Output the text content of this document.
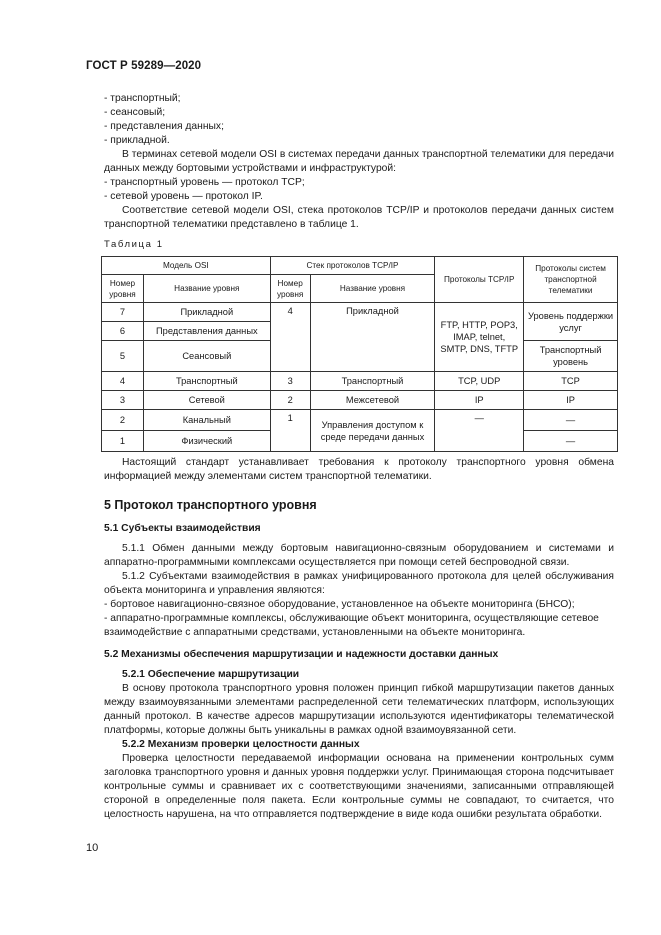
ГОСТ Р 59289—2020

- транспортный;

- сеансовый;

- представления данных;

- прикладной.

В терминах сетевой модели OSI в системах передачи данных транспортной телематики для передачи данных между бортовыми устройствами и инфраструктурой:

- транспортный уровень — протокол TCP;

- сетевой уровень — протокол IP.

Соответствие сетевой модели OSI, стека протоколов TCP/IP и протоколов передачи данных систем транспортной телематики представлено в таблице 1.

Таблица 1
Модель OSI		Стек протоколов TCP/IP		Протоколы TCP/IP	Протоколы систем транспортной телематики
Номер уровня	Название уровня	Номер уровня	Название уровня		
7	Прикладной	4	Прикладной	FTP, HTTP, POP3, IMAP, telnet, SMTP, DNS, TFTP	Уровень поддержки услуг
6	Представления данных				
5	Сеансовый				Транспортный уровень
4	Транспортный	3	Транспортный	TCP, UDP	TCP
3	Сетевой	2	Межсетевой	IP	IP
2	Канальный	1	Управления доступом к среде передачи данных	—	—
1	Физический				—

Настоящий стандарт устанавливает требования к протоколу транспортного уровня обмена информацией между элементами систем транспортной телематики.

5 Протокол транспортного уровня
5.1 Субъекты взаимодействия

5.1.1 Обмен данными между бортовым навигационно-связным оборудованием и системами и аппаратно-программными комплексами осуществляется при помощи сетей беспроводной связи.

5.1.2 Субъектами взаимодействия в рамках унифицированного протокола для целей обслуживания объекта мониторинга и управления являются:

- бортовое навигационно-связное оборудование, установленное на объекте мониторинга (БНСО);

- аппаратно-программные комплексы, обслуживающие объект мониторинга, осуществляющие сетевое взаимодействие с аппаратными средствами, установленными на объекте мониторинга.

5.2 Механизмы обеспечения маршрутизации и надежности доставки данных

5.2.1 Обеспечение маршрутизации

В основу протокола транспортного уровня положен принцип гибкой маршрутизации пакетов данных между взаимоувязанными элементами распределенной сети телематических платформ, использующих данный протокол. В качестве адресов маршрутизации используются идентификаторы телематической платформы, которые должны быть уникальны в рамках одной взаимоувязанной сети.

5.2.2 Механизм проверки целостности данных

Проверка целостности передаваемой информации основана на применении контрольных сумм заголовка транспортного уровня и данных уровня поддержки услуг. Принимающая сторона подсчитывает контрольные суммы и сравнивает их с соответствующими значениями, записанными отправляющей стороной в определенные поля пакета. Если контрольные суммы не совпадают, то считается, что целостность нарушена, на что отправляется подтверждение в виде кода ошибки результата обработки.

10
